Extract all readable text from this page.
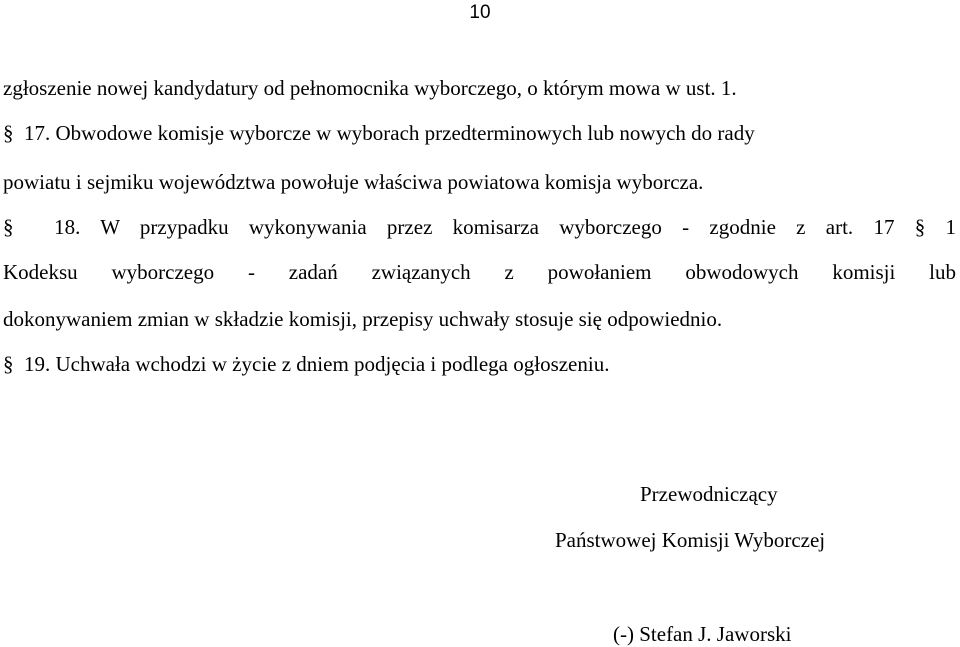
10
zgłoszenie nowej kandydatury od pełnomocnika wyborczego, o którym mowa w ust. 1.
§ 17. Obwodowe komisje wyborcze w wyborach przedterminowych lub nowych do rady
powiatu i sejmiku województwa powołuje właściwa powiatowa komisja wyborcza.
§ 18. W przypadku wykonywania przez komisarza wyborczego - zgodnie z art. 17 § 1
Kodeksu wyborczego - zadań związanych z powołaniem obwodowych komisji lub
dokonywaniem zmian w składzie komisji, przepisy uchwały stosuje się odpowiednio.
§ 19. Uchwała wchodzi w życie z dniem podjęcia i podlega ogłoszeniu.
Przewodniczący
Państwowej Komisji Wyborczej
(-) Stefan J. Jaworski
